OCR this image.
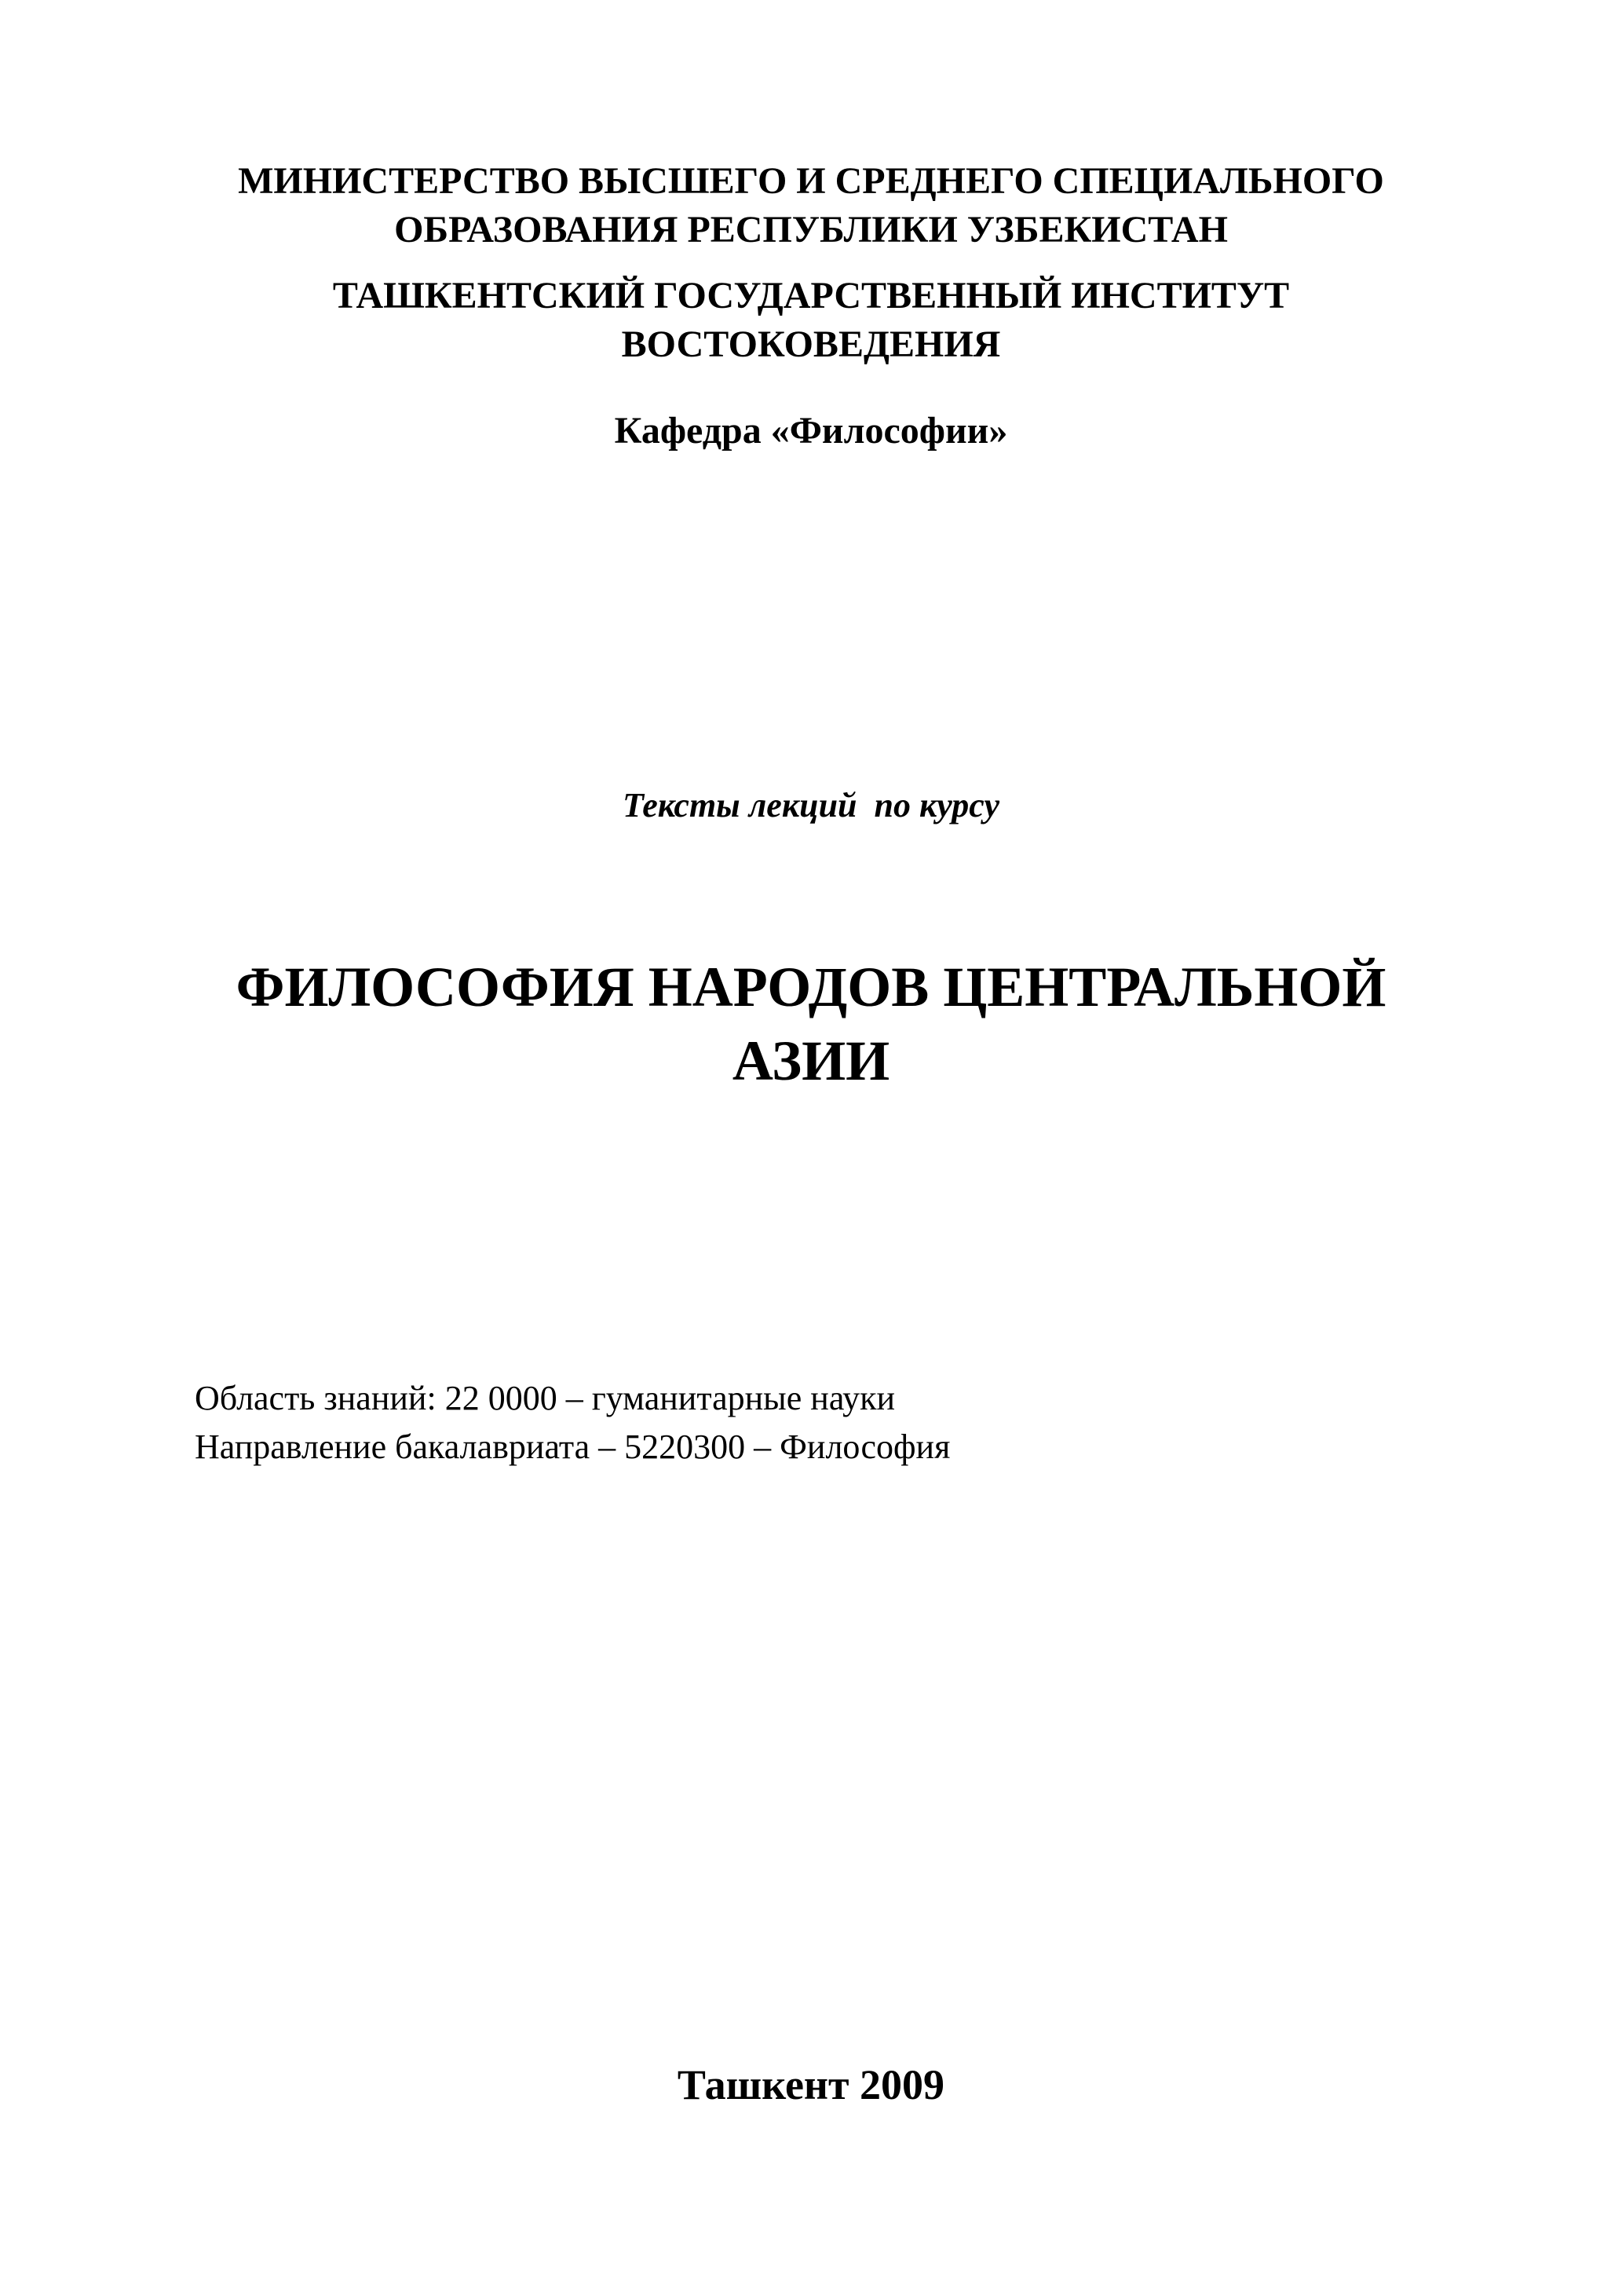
МИНИСТЕРСТВО ВЫСШЕГО И СРЕДНЕГО СПЕЦИАЛЬНОГО
ОБРАЗОВАНИЯ РЕСПУБЛИКИ УЗБЕКИСТАН
ТАШКЕНТСКИЙ ГОСУДАРСТВЕННЫЙ ИНСТИТУТ
ВОСТОКОВЕДЕНИЯ
Кафедра «Философии»
Тексты лекций  по курсу
ФИЛОСОФИЯ НАРОДОВ ЦЕНТРАЛЬНОЙ
АЗИИ
Область знаний: 22 0000 – гуманитарные науки
Направление бакалавриата – 5220300 – Философия
Ташкент 2009
